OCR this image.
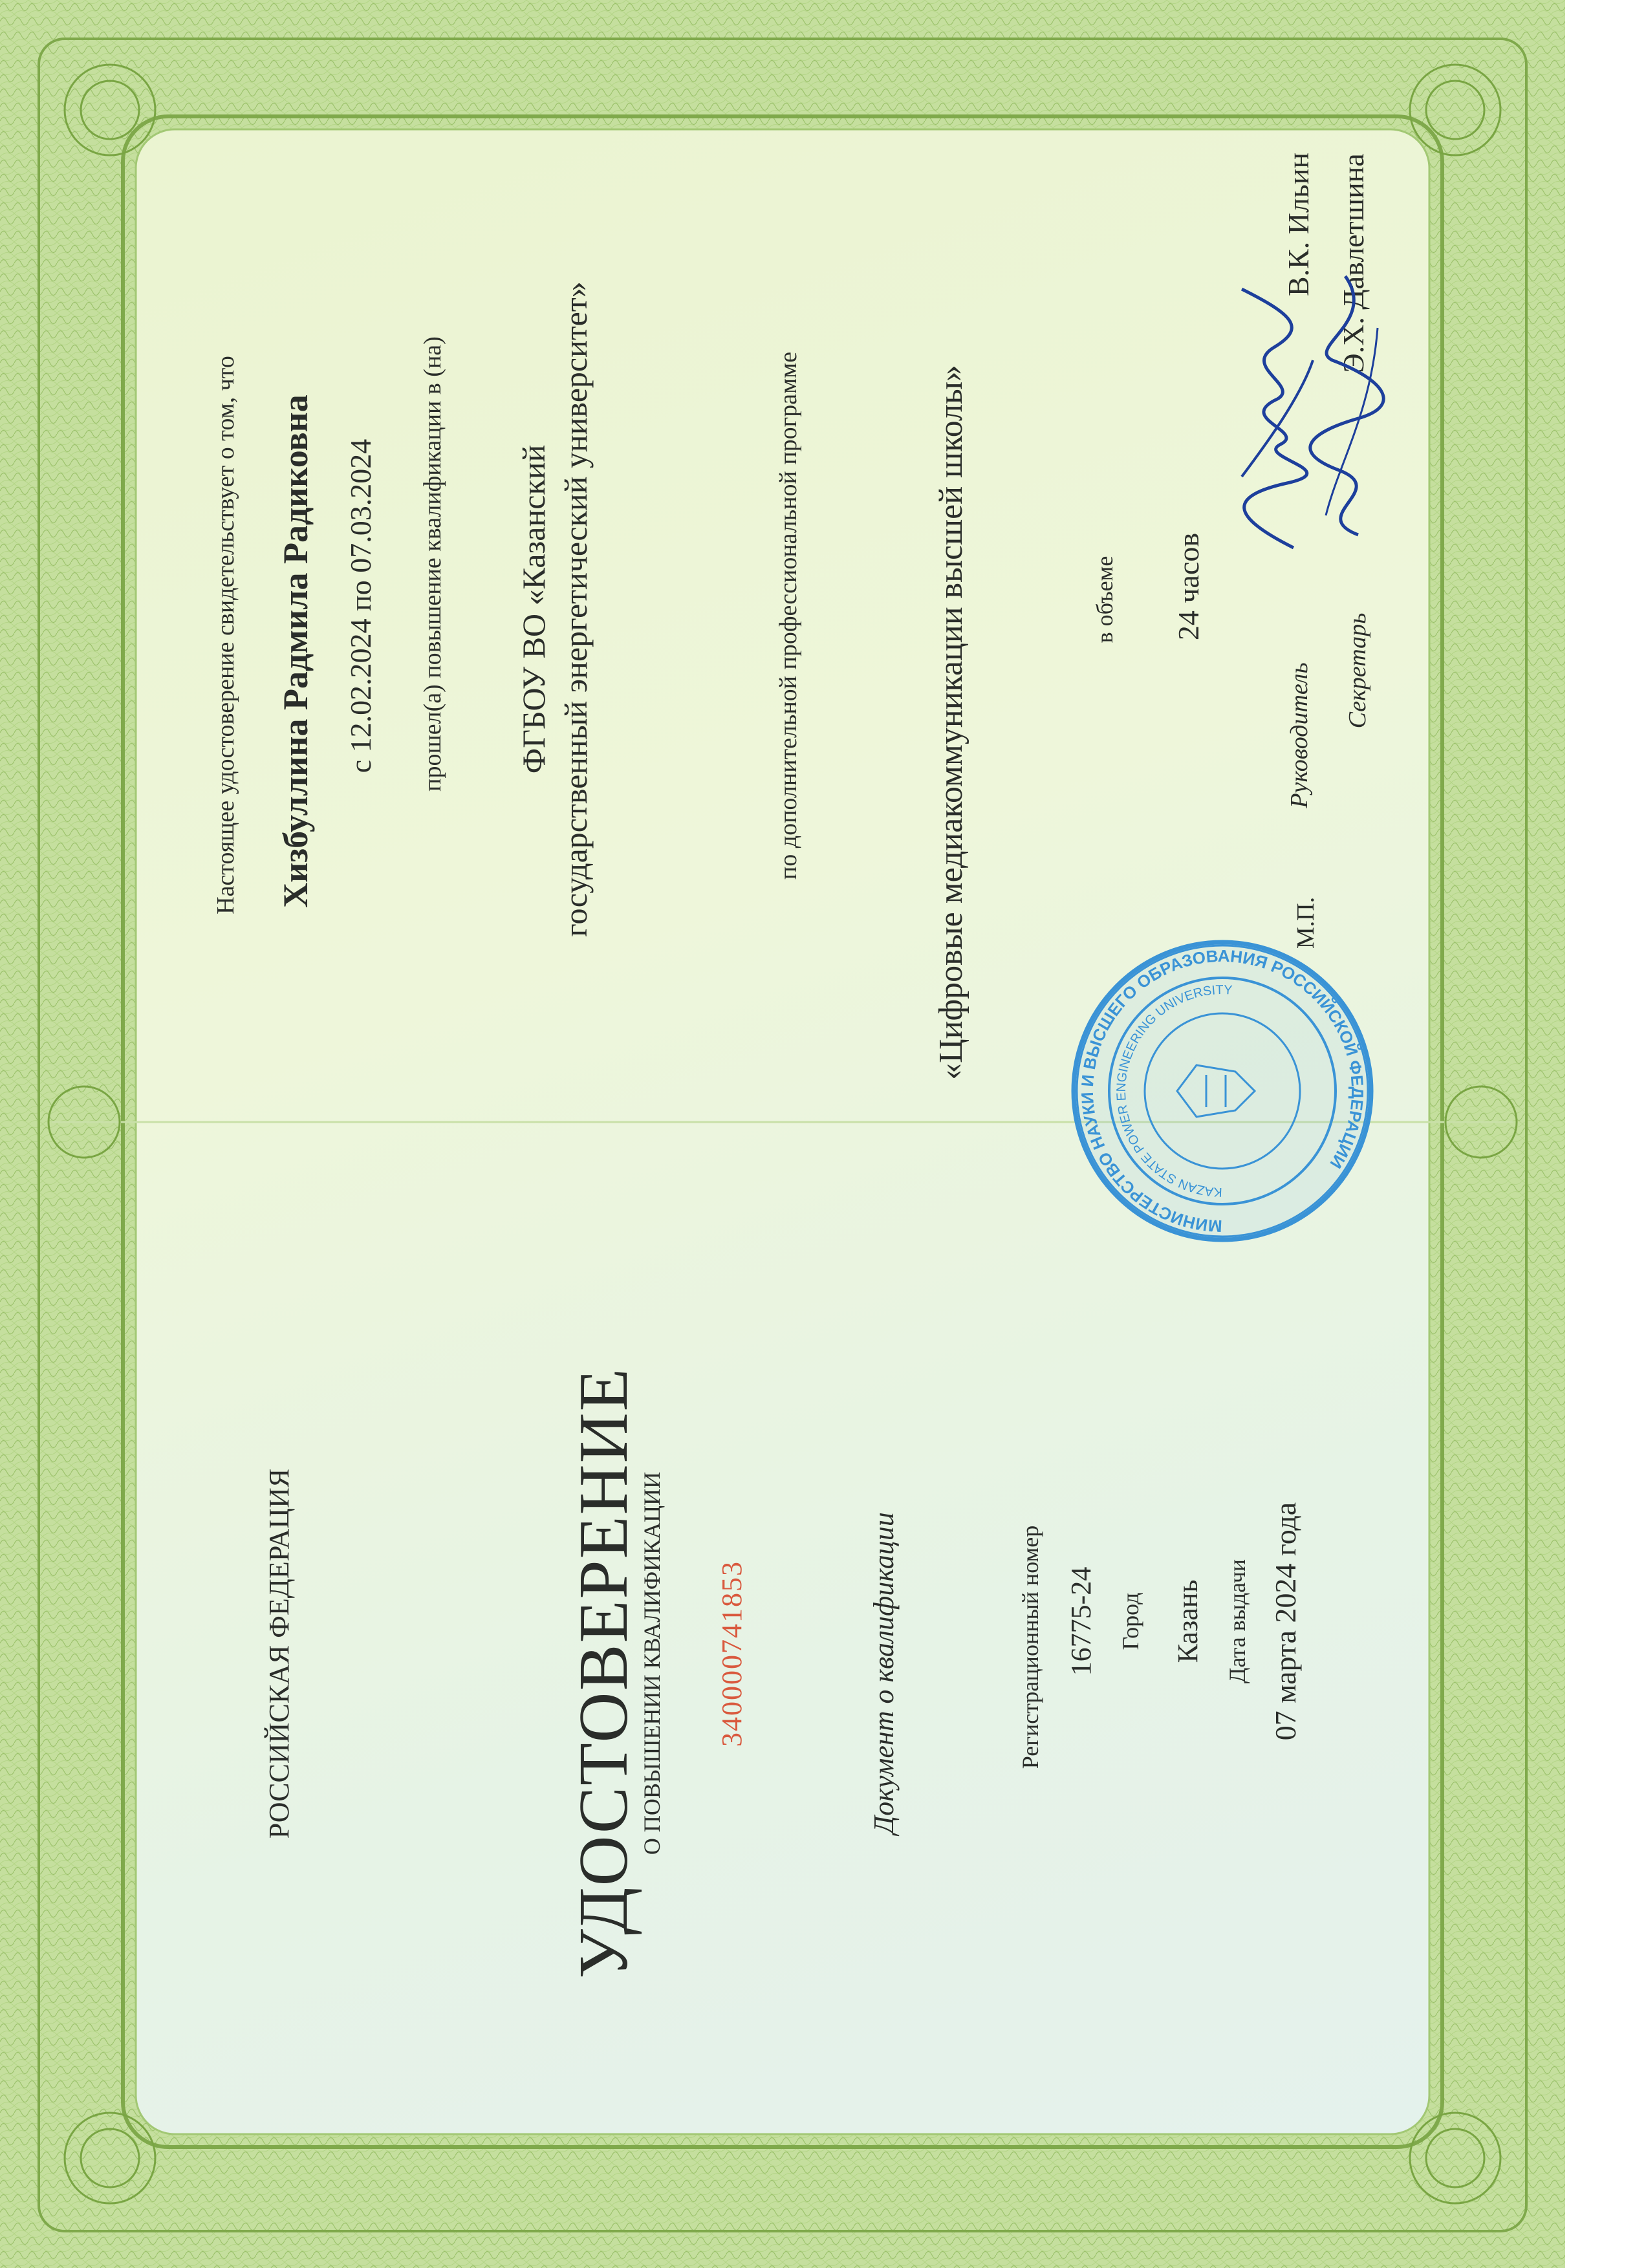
РОССИЙСКАЯ ФЕДЕРАЦИЯ	УДОСТОВЕРЕНИЕ
О ПОВЫШЕНИИ КВАЛИФИКАЦИИ 340000741853	Документ о квалификации	Регистрационный номер 16775-24 Город Казань Дата выдачи 07 марта 2024 года
Настоящее удостоверение свидетельствует о том, что Хизбуллина Радмила Радиковна с 12.02.2024 по 07.03.2024 прошел(а) повышение квалификации в (на) ФГБОУ ВО «Казанский государственный энергетический университет»	по дополнительной профессиональной программе	«Цифровые медиакоммуникации высшей школы»	в объеме 24 часов
М.П.
Руководитель
В.К. Ильин
Секретарь
Э.Х. Давлетшина
МИНИСТЕРСТВО НАУКИ И ВЫСШЕГО ОБРАЗОВАНИЯ РОССИЙСКОЙ ФЕДЕРАЦИИ
KAZAN STATE POWER ENGINEERING UNIVERSITY
